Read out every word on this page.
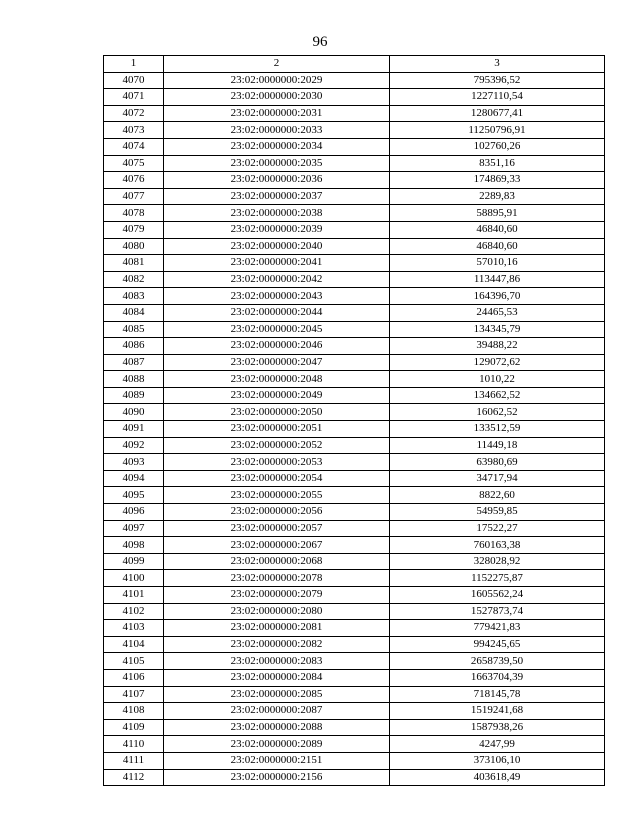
96
1	2	3
4070	23:02:0000000:2029	795396,52
4071	23:02:0000000:2030	1227110,54
4072	23:02:0000000:2031	1280677,41
4073	23:02:0000000:2033	11250796,91
4074	23:02:0000000:2034	102760,26
4075	23:02:0000000:2035	8351,16
4076	23:02:0000000:2036	174869,33
4077	23:02:0000000:2037	2289,83
4078	23:02:0000000:2038	58895,91
4079	23:02:0000000:2039	46840,60
4080	23:02:0000000:2040	46840,60
4081	23:02:0000000:2041	57010,16
4082	23:02:0000000:2042	113447,86
4083	23:02:0000000:2043	164396,70
4084	23:02:0000000:2044	24465,53
4085	23:02:0000000:2045	134345,79
4086	23:02:0000000:2046	39488,22
4087	23:02:0000000:2047	129072,62
4088	23:02:0000000:2048	1010,22
4089	23:02:0000000:2049	134662,52
4090	23:02:0000000:2050	16062,52
4091	23:02:0000000:2051	133512,59
4092	23:02:0000000:2052	11449,18
4093	23:02:0000000:2053	63980,69
4094	23:02:0000000:2054	34717,94
4095	23:02:0000000:2055	8822,60
4096	23:02:0000000:2056	54959,85
4097	23:02:0000000:2057	17522,27
4098	23:02:0000000:2067	760163,38
4099	23:02:0000000:2068	328028,92
4100	23:02:0000000:2078	1152275,87
4101	23:02:0000000:2079	1605562,24
4102	23:02:0000000:2080	1527873,74
4103	23:02:0000000:2081	779421,83
4104	23:02:0000000:2082	994245,65
4105	23:02:0000000:2083	2658739,50
4106	23:02:0000000:2084	1663704,39
4107	23:02:0000000:2085	718145,78
4108	23:02:0000000:2087	1519241,68
4109	23:02:0000000:2088	1587938,26
4110	23:02:0000000:2089	4247,99
4111	23:02:0000000:2151	373106,10
4112	23:02:0000000:2156	403618,49
